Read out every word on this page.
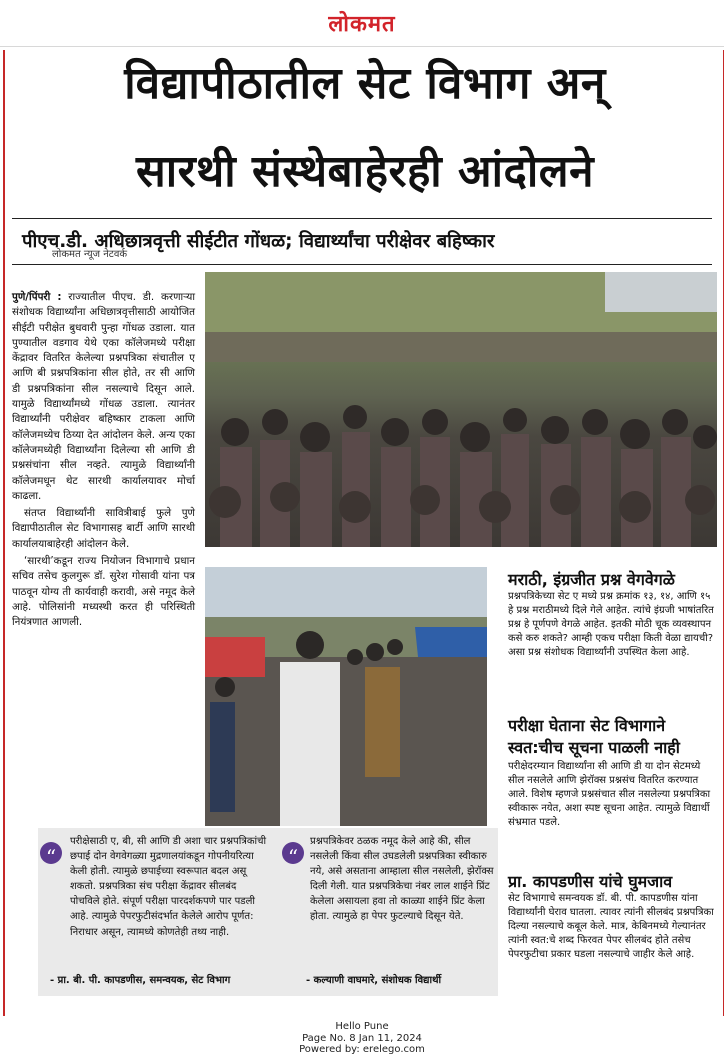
लोकमत
विद्यापीठातील सेट विभाग अन्
सारथी संस्थेबाहेरही आंदोलने
पीएच.डी. अधिछात्रवृत्ती सीईटीत गोंधळ; विद्यार्थ्यांचा परीक्षेवर बहिष्कार
लोकमत न्यूज नेटवर्क

पुणे/पिंपरी : राज्यातील पीएच. डी. करणाऱ्या संशोधक विद्यार्थ्यांना अधिछात्रवृत्तीसाठी आयोजित सीईटी परीक्षेत बुधवारी पुन्हा गोंधळ उडाला. यात पुण्यातील वडगाव येथे एका कॉलेजमध्ये परीक्षा केंद्रावर वितरित केलेल्या प्रश्नपत्रिका संचातील ए आणि बी प्रश्नपत्रिकांना सील होते, तर सी आणि डी प्रश्नपत्रिकांना सील नसल्याचे दिसून आले. यामुळे विद्यार्थ्यांमध्ये गोंधळ उडाला. त्यानंतर विद्यार्थ्यांनी परीक्षेवर बहिष्कार टाकला आणि कॉलेजमध्येच ठिय्या देत आंदोलन केले. अन्य एका कॉलेजमध्येही विद्यार्थ्यांना दिलेल्या सी आणि डी प्रश्नसंचांना सील नव्हते. त्यामुळे विद्यार्थ्यांनी कॉलेजमधून थेट सारथी कार्यालयावर मोर्चा काढला.

संतप्त विद्यार्थ्यांनी सावित्रीबाई फुले पुणे विद्यापीठातील सेट विभागासह बार्टी आणि सारथी कार्यालयाबाहेरही आंदोलन केले.

‘सारथी’कडून राज्य नियोजन विभागाचे प्रधान सचिव तसेच कुलगुरू डॉ. सुरेश गोसावी यांना पत्र पाठवून योग्य ती कार्यवाही करावी, असे नमूद केले आहे. पोलिसांनी मध्यस्थी करत ही परिस्थिती नियंत्रणात आणली.

मराठी, इंग्रजीत प्रश्न वेगवेगळे
प्रश्नपत्रिकेच्या सेट ए मध्ये प्रश्न क्रमांक १३, १४, आणि १५ हे प्रश्न मराठीमध्ये दिले गेले आहेत. त्यांचे इंग्रजी भाषांतरित प्रश्न हे पूर्णपणे वेगळे आहेत. इतकी मोठी चूक व्यवस्थापन कसे करु शकते? आम्ही एकच परीक्षा किती वेळा द्यायची? असा प्रश्न संशोधक विद्यार्थ्यांनी उपस्थित केला आहे.
परीक्षा घेताना सेट विभागाने
स्वत:चीच सूचना पाळली नाही
परीक्षेदरम्यान विद्यार्थ्यांना सी आणि डी या दोन सेटमध्ये सील नसलेले आणि झेरॉक्स प्रश्नसंच वितरित करण्यात आले. विशेष म्हणजे प्रश्नसंचात सील नसलेल्या प्रश्नपत्रिका स्वीकारू नयेत, अशा स्पष्ट सूचना आहेत. त्यामुळे विद्यार्थी संभ्रमात पडले.
प्रा. कापडणीस यांचे घुमजाव
सेट विभागाचे समन्वयक डॉ. बी. पी. कापडणीस यांना विद्यार्थ्यांनी घेराव घातला. त्यावर त्यांनी सीलबंद प्रश्नपत्रिका दिल्या नसल्याचे कबूल केले. मात्र, केबिनमध्ये गेल्यानंतर त्यांनी स्वत:चे शब्द फिरवत पेपर सीलबंद होते तसेच पेपरफुटीचा प्रकार घडला नसल्याचे जाहीर केले आहे.
“
परीक्षेसाठी ए, बी, सी आणि डी अशा चार प्रश्नपत्रिकांची छपाई दोन वेगवेगळ्या मुद्रणालयांकडून गोपनीयरित्या केली होती. त्यामुळे छपाईच्या स्वरूपात बदल असू शकतो. प्रश्नपत्रिका संच परीक्षा केंद्रावर सीलबंद पोचविले होते. संपूर्ण परीक्षा पारदर्शकपणे पार पडली आहे. त्यामुळे पेपरफुटीसंदर्भात केलेले आरोप पूर्णत: निराधार असून, त्यामध्ये कोणतेही तथ्य नाही.
- प्रा. बी. पी. कापडणीस, समन्वयक, सेट विभाग
“
प्रश्नपत्रिकेवर ठळक नमूद केले आहे की, सील नसलेली किंवा सील उघडलेली प्रश्नपत्रिका स्वीकारु नये, असे असताना आम्हाला सील नसलेली, झेरॉक्स दिली गेली. यात प्रश्नपत्रिकेचा नंबर लाल शाईने प्रिंट केलेला असायला हवा तो काळ्या शाईने प्रिंट केला होता. त्यामुळे हा पेपर फुटल्याचे दिसून येते.
- कल्याणी वाघमारे, संशोधक विद्यार्थी
Hello Pune
Page No. 8 Jan 11, 2024
Powered by: erelego.com
